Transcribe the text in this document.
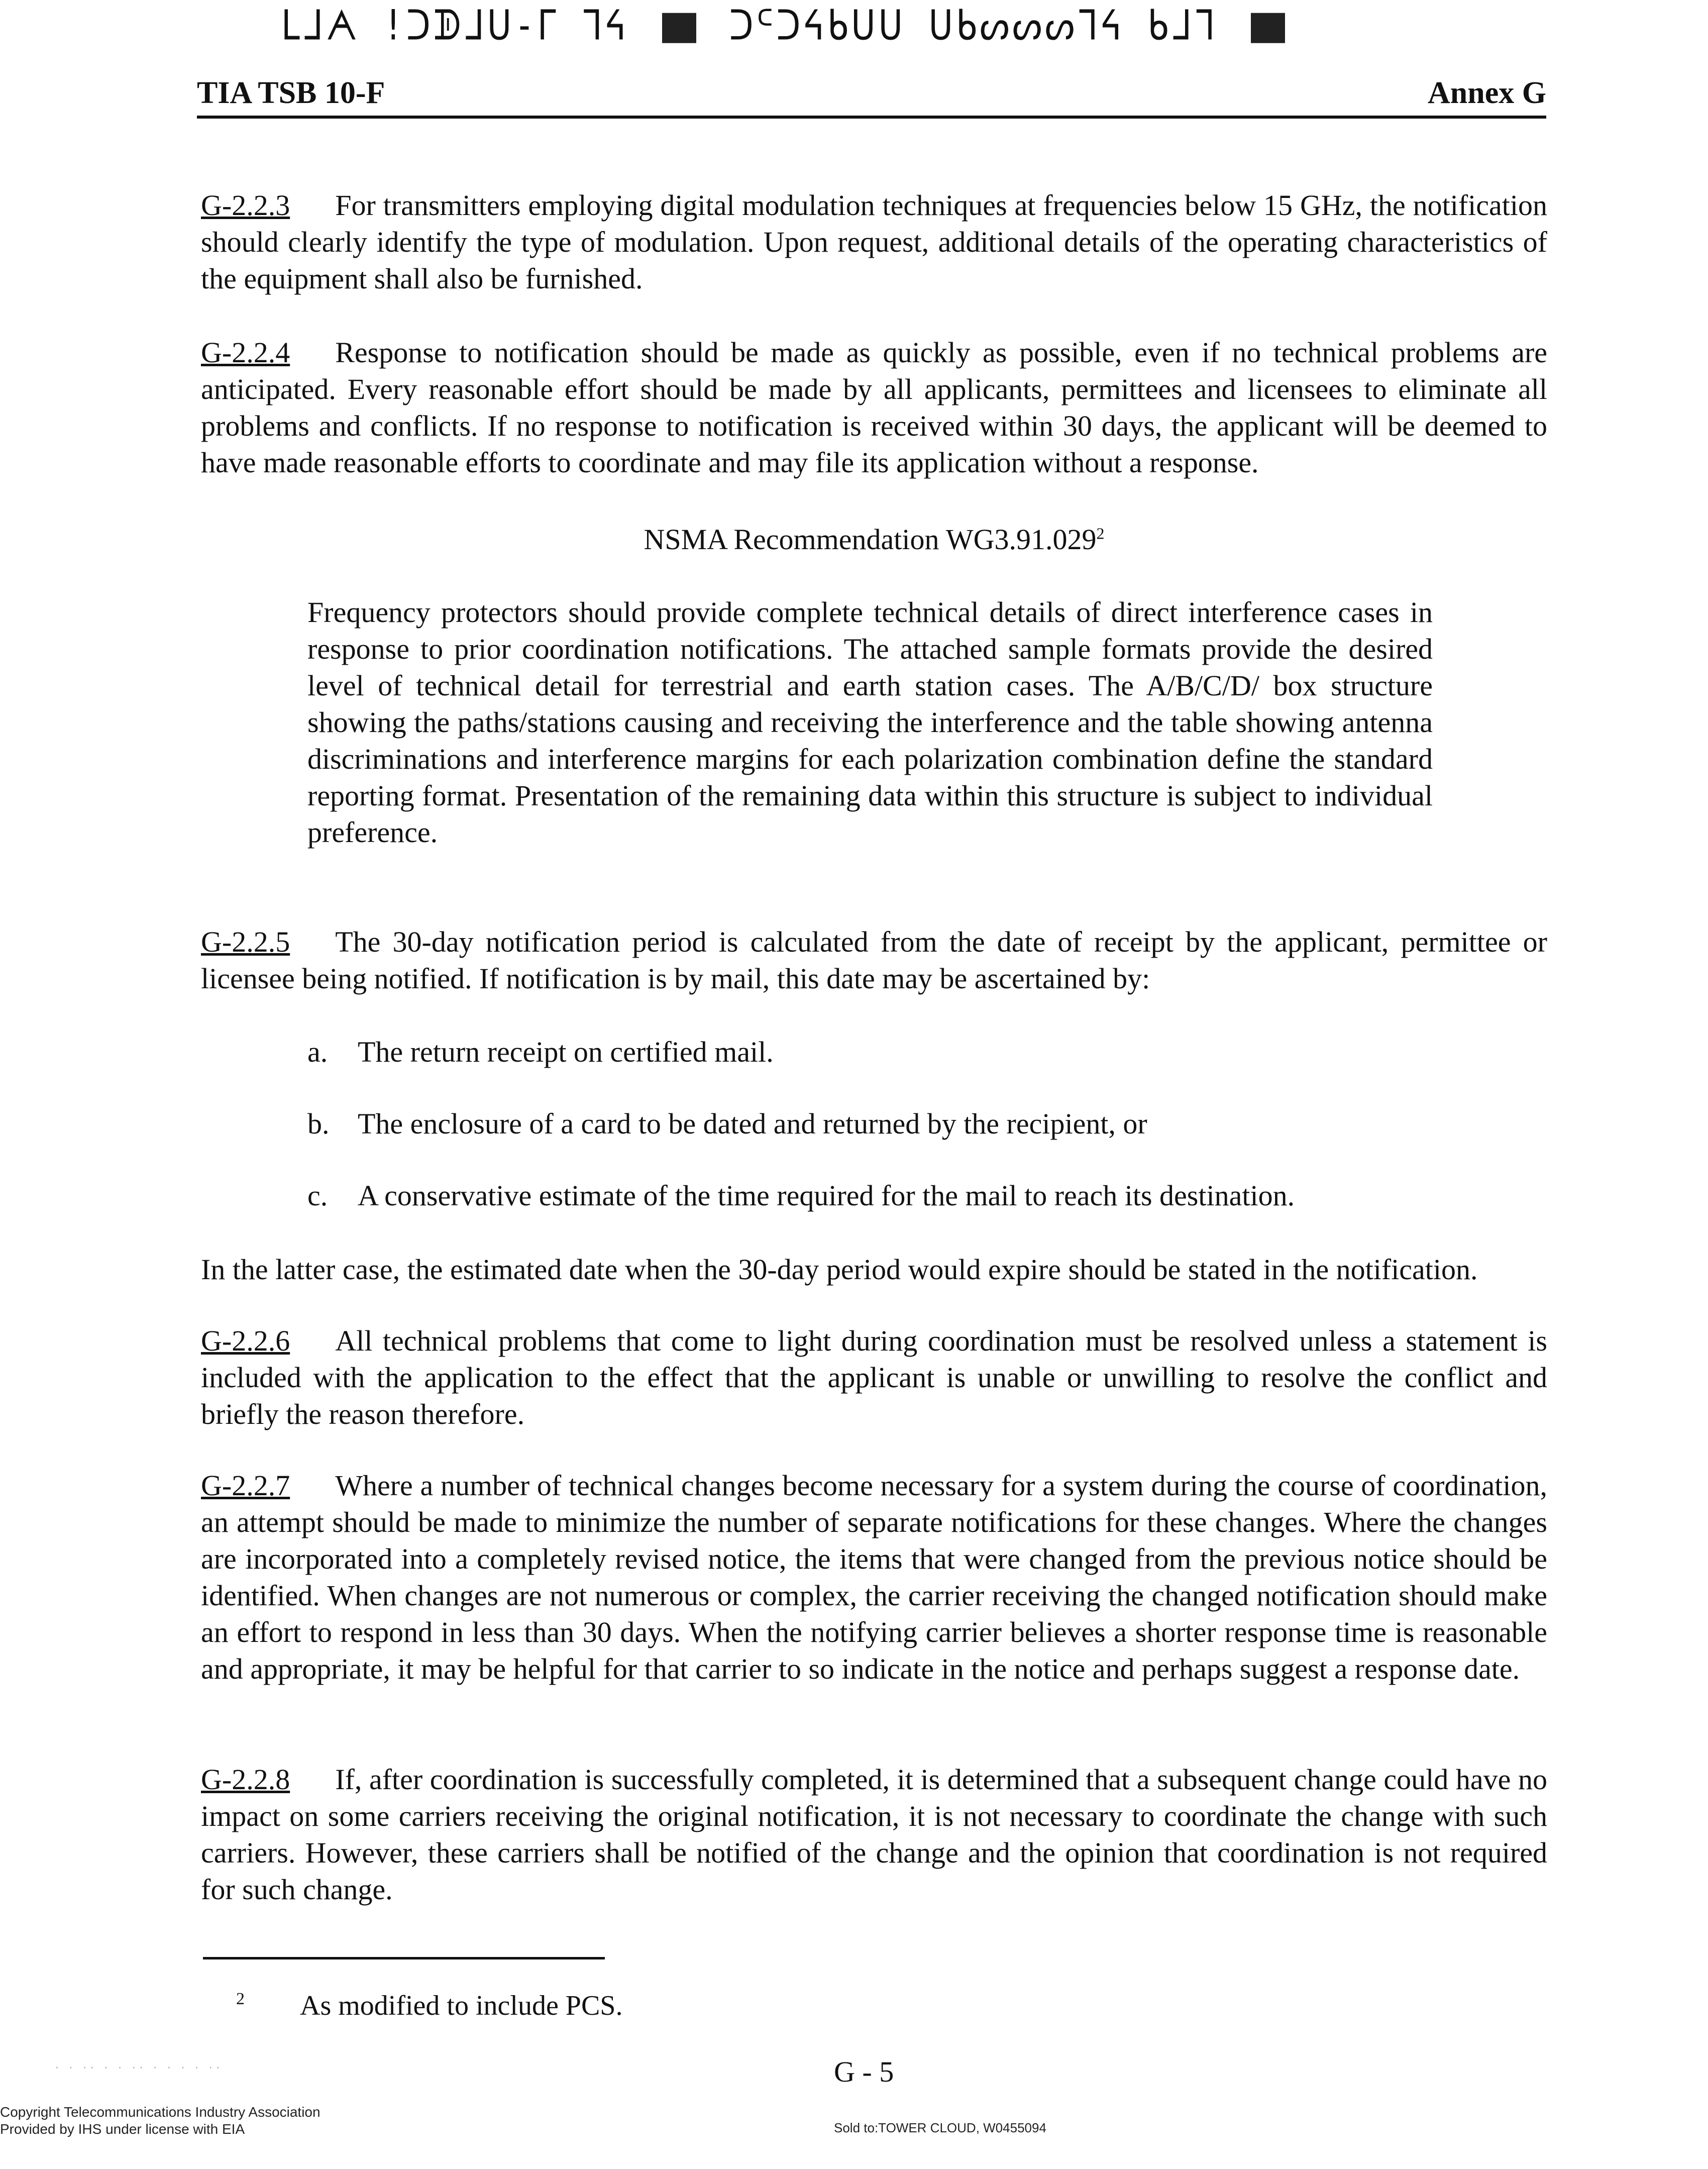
ᒪᒧᗅ !ᑐᗫᒧᑌ-ᒥ ᒣᔦ	ᑐᒼᑐᔦᑲᑌᑌ ᑌᑲᔕᔕᔕᒣᔦ ᑲᒧᒣ
TIA TSB 10-F	Annex G
G-2.2.3 For transmitters employing digital modulation techniques at frequencies below 15 GHz, the notification should clearly identify the type of modulation. Upon request, additional details of the operating characteristics of the equipment shall also be furnished.
G-2.2.4 Response to notification should be made as quickly as possible, even if no technical problems are anticipated. Every reasonable effort should be made by all applicants, permittees and licensees to eliminate all problems and conflicts. If no response to notification is received within 30 days, the applicant will be deemed to have made reasonable efforts to coordinate and may file its application without a response.
NSMA Recommendation WG3.91.029$^2$
Frequency protectors should provide complete technical details of direct interference cases in response to prior coordination notifications. The attached sample formats provide the desired level of technical detail for terrestrial and earth station cases. The A/B/C/D/ box structure showing the paths/stations causing and receiving the interference and the table showing antenna discriminations and interference margins for each polarization combination define the standard reporting format. Presentation of the remaining data within this structure is subject to individual preference.
G-2.2.5 The 30-day notification period is calculated from the date of receipt by the applicant, permittee or licensee being notified. If notification is by mail, this date may be ascertained by:
a. The return receipt on certified mail.
b. The enclosure of a card to be dated and returned by the recipient, or
c. A conservative estimate of the time required for the mail to reach its destination.
In the latter case, the estimated date when the 30-day period would expire should be stated in the notification.
G-2.2.6 All technical problems that come to light during coordination must be resolved unless a statement is included with the application to the effect that the applicant is unable or unwilling to resolve the conflict and briefly the reason therefore.
G-2.2.7 Where a number of technical changes become necessary for a system during the course of coordination, an attempt should be made to minimize the number of separate notifications for these changes. Where the changes are incorporated into a completely revised notice, the items that were changed from the previous notice should be identified. When changes are not numerous or complex, the carrier receiving the changed notification should make an effort to respond in less than 30 days. When the notifying carrier believes a shorter response time is reasonable and appropriate, it may be helpful for that carrier to so indicate in the notice and perhaps suggest a response date.
G-2.2.8 If, after coordination is successfully completed, it is determined that a subsequent change could have no impact on some carriers receiving the original notification, it is not necessary to coordinate the change with such carriers. However, these carriers shall be notified of the change and the opinion that coordination is not required for such change.
$^2$ As modified to include PCS.
G - 5
· · ·· · · ·· · · · · ··
Copyright Telecommunications Industry Association
Provided by IHS under license with EIA	Sold to:TOWER CLOUD, W0455094
